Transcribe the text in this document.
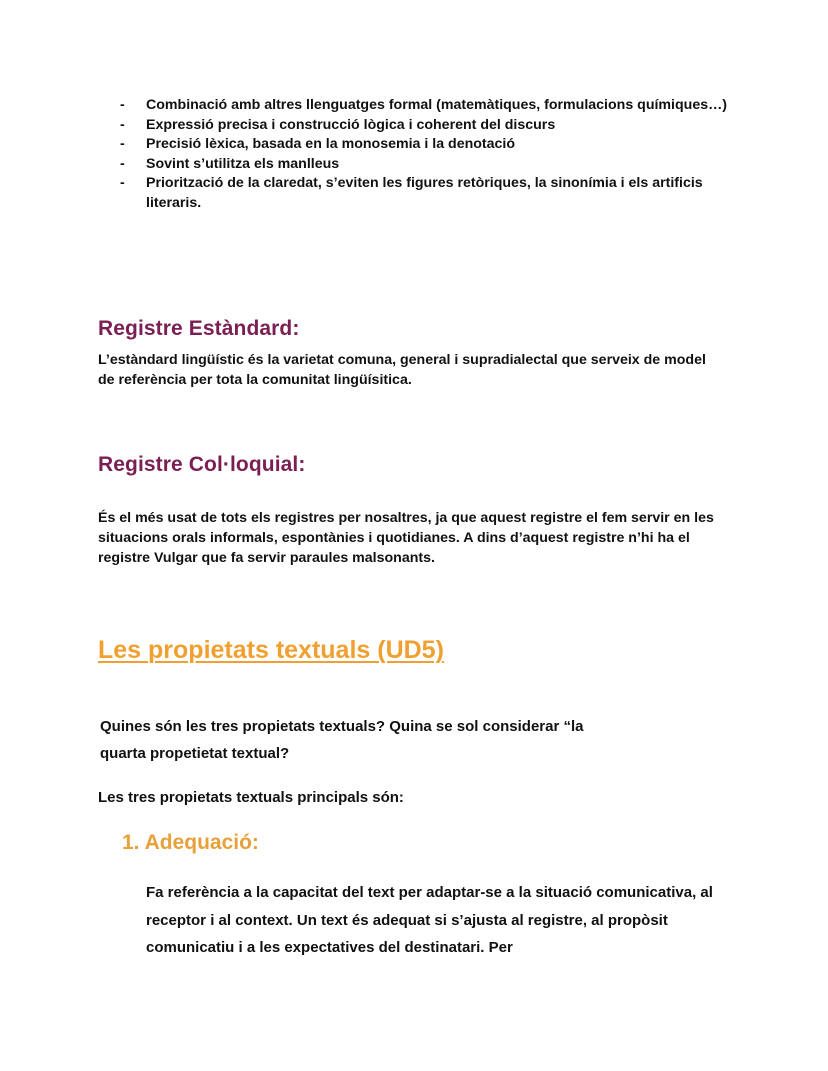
- Combinació amb altres llenguatges formal (matemàtiques, formulacions químiques…)
- Expressió precisa i construcció lògica i coherent del discurs
- Precisió lèxica, basada en la monosemia i la denotació
- Sovint s’utilitza els manlleus
- Priorització de la claredat, s’eviten les figures retòriques, la sinonímia i els artificis literaris.
Registre Estàndard:

L’estàndard lingüístic és la varietat comuna, general i supradialectal que serveix de model de referència per tota la comunitat lingüísitica.

Registre Col·loquial:

És el més usat de tots els registres per nosaltres, ja que aquest registre el fem servir en les situacions orals informals, espontànies i quotidianes. A dins d’aquest registre n’hi ha el registre Vulgar que fa servir paraules malsonants.

Les propietats textuals (UD5)

Quines són les tres propietats textuals? Quina se sol considerar “la
quarta propetietat textual?

Les tres propietats textuals principals són:

1. Adequació:

Fa referència a la capacitat del text per adaptar-se a la situació comunicativa, al receptor i al context. Un text és adequat si s’ajusta al registre, al propòsit comunicatiu i a les expectatives del destinatari. Per
